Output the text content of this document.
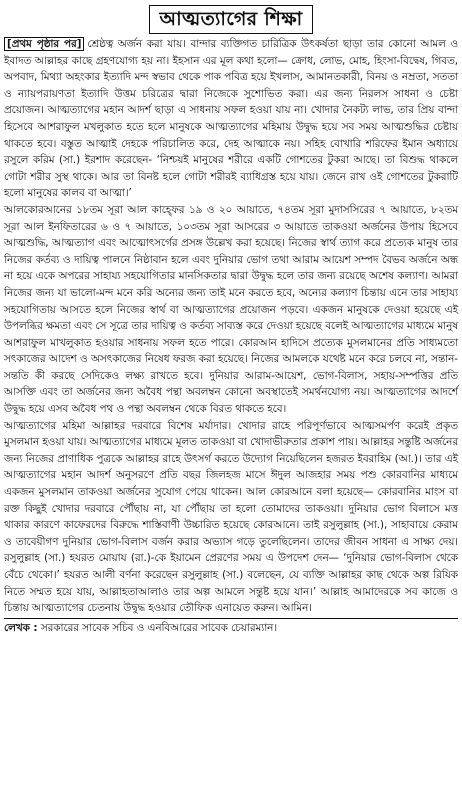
আত্মত্যাগের শিক্ষা

[প্রথম পৃষ্ঠার পর] শ্রেষ্ঠত্ব অর্জন করা যায়। বান্দার ব্যক্তিগত চারিত্রিক উৎকর্ষতা ছাড়া তার কোনো আমল ও ইবাদত আল্লাহর কাছে গ্রহণযোগ্য হয় না। ইহসান এর মূল কথা হলো— ক্রোধ, লোভ, মোহ, হিংসা-বিদ্বেষ, গিবত, অপবাদ, মিথ্যা অহংকার ইত্যাদি মন্দ স্বভাব থেকে পাক পবিত্র হয়ে ইখলাস, আমানতকারী, বিনয় ও নম্রতা, সততা ও ন্যায়পরায়ণতা ইত্যাদি উত্তম চরিত্রের দ্বারা নিজেকে সুশোভিত করা। এর জন্য নিরলস সাধনা ও চেষ্টা প্রয়োজন। আত্মত্যাগের মহান আদর্শ ছাড়া এ সাধনায় সফল হওয়া যায় না। খোদার নৈকট্য লাভ, তার প্রিয় বান্দা হিসেবে আশরাফুল মখলুকাত হতে হলে মানুষকে আত্মত্যাগের মহিমায় উদ্বুদ্ধ হয়ে সব সময় আত্মশুদ্ধির চেষ্টায় থাকতে হবে। বস্তুত আত্মাই দেহকে পরিচালিত করে, দেহ আত্মাকে নয়। সহিহ বোখারি শরিফের ইমান অধ্যায়ে রসুলে করিম (সা.) ইরশাদ করেছেন- ‘নিশ্চয়ই মানুষের শরীরে একটি গোশতের টুকরা আছে। তা বিশুদ্ধ থাকলে গোটা শরীর সুস্থ থাকে। আর তা বিনষ্ট হলে গোটা শরীরই ব্যাধিগ্রস্ত হয়ে যায়। জেনে রাখ ওই গোশতের টুকরাটি হলো মানুষের কালব বা আত্মা।’

আলকোরআনের ১৮তম সূরা আল কাহ্ফের ১৯ ও ২০ আয়াতে, ৭৪তম সূরা মুদাসসিরের ৭ আয়াতে, ৮২তম সূরা আল ইনফিতারের ৬ ও ৭ আয়াতে, ১০৩তম সূরা আসরের ৩ আয়াতে তাকওয়া অর্জনের উপায় হিসেবে আত্মশুদ্ধি, আত্মত্যাগ এবং আত্মোৎসর্গের প্রসঙ্গ উল্লেখ করা হয়েছে। নিজের স্বার্থ ত্যাগ করে প্রত্যেক মানুষ তার নিজের কর্তব্য ও দায়িত্ব পালনে নিষ্ঠাবান হলে এবং দুনিয়ার ভোগ তথা আরাম আয়েশ সম্পদ বৈভব অর্জনে অন্ধ না হয়ে একে অপরের সাহায্য সহযোগিতার মানসিকতার দ্বারা উদ্বুদ্ধ হলে তার জন্য রয়েছে অশেষ কল্যাণ। আমরা নিজের জন্য যা ভালো-মন্দ মনে করি অন্যের জন্য তাই মনে করতে হবে, অন্যের কল্যাণ চিন্তায় এনে তার সাহায্য সহযোগিতায় আসতে হলে নিজের স্বার্থ বা আত্মত্যাগের প্রয়োজন পড়বে। একজন মানুষকে দেওয়া হয়েছে এই উপলব্ধির ক্ষমতা এবং সে সূত্রে তার দায়িত্ব ও কর্তব্য সাব্যস্ত করে দেওয়া হয়েছে বলেই আত্মত্যাগের মাধ্যমে মানুষ আশরাফুল মাখলুকাত হওয়ার সাধনায় সফল হতে পারে। কোরআন হাদিসে প্রত্যেক মুসলমানের প্রতি সাধ্যমতো সৎকাজের আদেশ ও অসৎকাজের নিষেধ ফরজ করা হয়েছে। নিজের আমলকে যথেষ্ট মনে করে চলবে না, সন্তান-সন্ততি কী করছে সেদিকেও লক্ষ্য রাখতে হবে। দুনিয়ার আরাম-আয়েশ, ভোগ-বিলাস, সহায়-সম্পত্তির প্রতি আসক্তি এবং তা অর্জনের জন্য অবৈধ পন্থা অবলম্বন কোনো অবস্থাতেই সমর্থনযোগ্য নয়। আত্মত্যাগের আদর্শে উদ্বুদ্ধ হয়ে এসব অবৈধ পথ ও পন্থা অবলম্বন থেকে বিরত থাকতে হবে।

আত্মত্যাগের মহিমা আল্লাহর দরবারে বিশেষ মর্যাদার। খোদার রাহে পরিপূর্ণভাবে আত্মসমর্পণ করেই প্রকৃত মুসলমান হওয়া যায়। আত্মত্যাগের মাধ্যমে মূলত তাকওয়া বা খোদাভীরুতার প্রকাশ পায়। আল্লাহর সন্তুষ্টি অর্জনের জন্য নিজের প্রাণাধিক পুত্রকে আল্লাহর রাহে উৎসর্গ করতে উদ্যোগ নিয়েছিলেন হজরত ইবরাহিম (আ.)। তার এই আত্মত্যাগের মহান আদর্শ অনুসরণে প্রতি বছর জিলহজ মাসে ঈদুল আজহার সময় পশু কোরবানির মাধ্যমে একজন মুসলমান তাকওয়া অর্জনের সুযোগ পেয়ে থাকেন। আল কোরআনে বলা হয়েছে— কোরবানির মাংস বা রক্ত কিছুই খোদার দরবারে পৌঁছায় না, যা পৌঁছায় তা হলো তোমাদের তাকওয়া। দুনিয়ার ভোগ বিলাসে মত্ত থাকার কারণে কাফেরদের বিরুদ্ধে শাস্তিবাণী উচ্চারিত হয়েছে কোরআনে। তাই রসুলুল্লাহ (সা.), সাহাবায়ে কেরাম ও তাবেয়ীগণ দুনিয়ার ভোগ-বিলাস বর্জন করার অভ্যাস গড়ে তুলেছিলেন। তাদের জীবন সাধনা এ সাক্ষ্য দেয়। রসুলুল্লাহ (সা.) হযরত মোয়ায (রা.)-কে ইয়ামেন প্রেরণের সময় এ উপদেশ দেন— ‘দুনিয়ার ভোগ-বিলাস থেকে বেঁচে থেকো।’ হযরত আলী বর্ণনা করেছেন রসুলুল্লাহ (সা.) বলেছেন, যে ব্যক্তি আল্লাহর কাছ থেকে অল্প রিযিক নিতে সম্মত হয়ে যায়, আল্লাহতাআলাও তার অল্প আমলে সন্তুষ্ট হয়ে যান।’ আল্লাহ আমাদেরকে সব কাজে ও চিন্তায় আত্মত্যাগের চেতনায় উদ্বুদ্ধ হওয়ার তৌফিক এনায়েত করুন। আমিন।

লেখক : সরকারের সাবেক সচিব ও এনবিআরের সাবেক চেয়ারম্যান।
